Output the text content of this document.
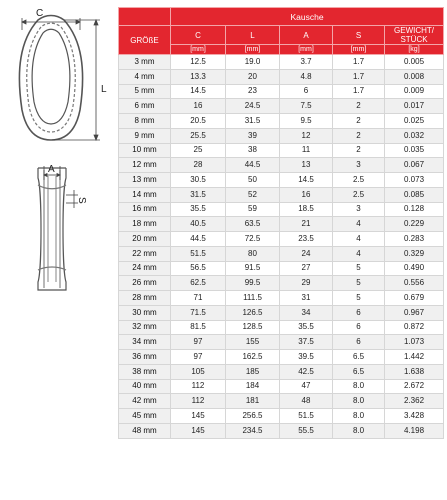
C
L
A
S
	Kausche				
GRÖßE	C	L	A	S	GEWICHT/ STÜCK
	[mm]	[mm]	[mm]	[mm]	[kg]
3 mm	12.5	19.0	3.7	1.7	0.005
4 mm	13.3	20	4.8	1.7	0.008
5 mm	14.5	23	6	1.7	0.009
6 mm	16	24.5	7.5	2	0.017
8 mm	20.5	31.5	9.5	2	0.025
9 mm	25.5	39	12	2	0.032
10 mm	25	38	11	2	0.035
12 mm	28	44.5	13	3	0.067
13 mm	30.5	50	14.5	2.5	0.073
14 mm	31.5	52	16	2.5	0.085
16 mm	35.5	59	18.5	3	0.128
18 mm	40.5	63.5	21	4	0.229
20 mm	44.5	72.5	23.5	4	0.283
22 mm	51.5	80	24	4	0.329
24 mm	56.5	91.5	27	5	0.490
26 mm	62.5	99.5	29	5	0.556
28 mm	71	111.5	31	5	0.679
30 mm	71.5	126.5	34	6	0.967
32 mm	81.5	128.5	35.5	6	0.872
34 mm	97	155	37.5	6	1.073
36 mm	97	162.5	39.5	6.5	1.442
38 mm	105	185	42.5	6.5	1.638
40 mm	112	184	47	8.0	2.672
42 mm	112	181	48	8.0	2.362
45 mm	145	256.5	51.5	8.0	3.428
48 mm	145	234.5	55.5	8.0	4.198
